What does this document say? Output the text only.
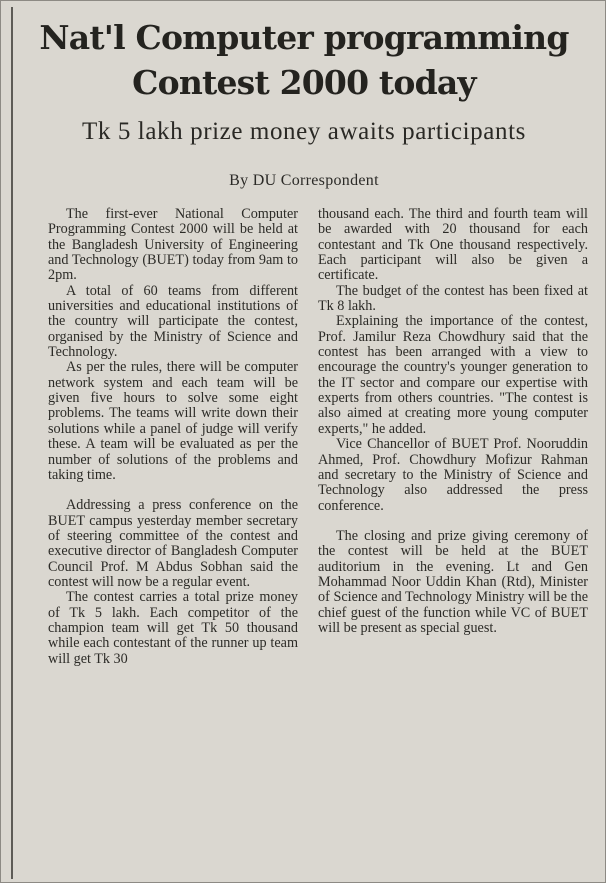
Nat'l Computer programming Contest 2000 today
Tk 5 lakh prize money awaits participants
By DU Correspondent

The first-ever National Computer Programming Contest 2000 will be held at the Bangladesh University of Engineering and Technology (BUET) today from 9am to 2pm.

A total of 60 teams from different universities and educational institutions of the country will participate the contest, organised by the Ministry of Science and Technology.

As per the rules, there will be computer network system and each team will be given five hours to solve some eight problems. The teams will write down their solutions while a panel of judge will verify these. A team will be evaluated as per the number of solutions of the problems and taking time.

Addressing a press conference on the BUET campus yesterday member secretary of steering committee of the contest and executive director of Bangladesh Computer Council Prof. M Abdus Sobhan said the contest will now be a regular event.

The contest carries a total prize money of Tk 5 lakh. Each competitor of the champion team will get Tk 50 thousand while each contestant of the runner up team will get Tk 30

thousand each. The third and fourth team will be awarded with 20 thousand for each contestant and Tk One thousand respectively. Each participant will also be given a certificate.

The budget of the contest has been fixed at Tk 8 lakh.

Explaining the importance of the contest, Prof. Jamilur Reza Chowdhury said that the contest has been arranged with a view to encourage the country's younger generation to the IT sector and compare our expertise with experts from others countries. "The contest is also aimed at creating more young computer experts," he added.

Vice Chancellor of BUET Prof. Nooruddin Ahmed, Prof. Chowdhury Mofizur Rahman and secretary to the Ministry of Science and Technology also addressed the press conference.

The closing and prize giving ceremony of the contest will be held at the BUET auditorium in the evening. Lt and Gen Mohammad Noor Uddin Khan (Rtd), Minister of Science and Technology Ministry will be the chief guest of the function while VC of BUET will be present as special guest.
